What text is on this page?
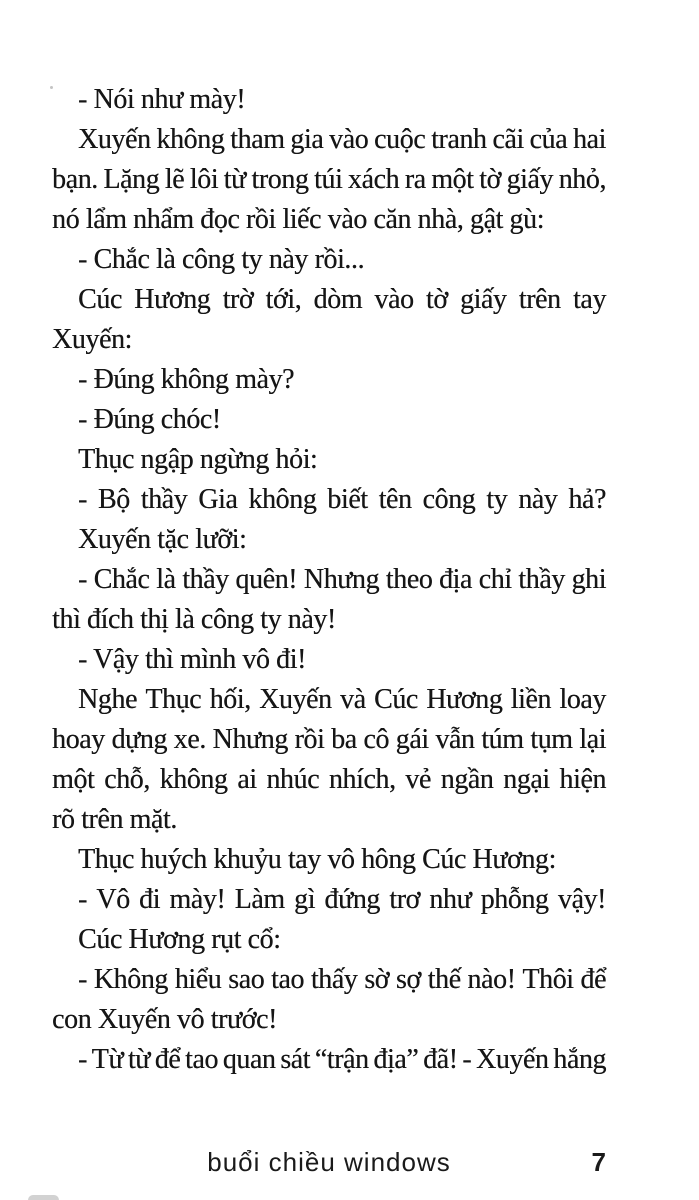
- Nói như mày!
Xuyến không tham gia vào cuộc tranh cãi của hai
bạn. Lặng lẽ lôi từ trong túi xách ra một tờ giấy nhỏ,
nó lẩm nhẩm đọc rồi liếc vào căn nhà, gật gù:
- Chắc là công ty này rồi...
Cúc Hương trờ tới, dòm vào tờ giấy trên tay
Xuyến:
- Đúng không mày?
- Đúng chóc!
Thục ngập ngừng hỏi:
- Bộ thầy Gia không biết tên công ty này hả?
Xuyến tặc lưỡi:
- Chắc là thầy quên! Nhưng theo địa chỉ thầy ghi
thì đích thị là công ty này!
- Vậy thì mình vô đi!
Nghe Thục hối, Xuyến và Cúc Hương liền loay
hoay dựng xe. Nhưng rồi ba cô gái vẫn túm tụm lại
một chỗ, không ai nhúc nhích, vẻ ngần ngại hiện
rõ trên mặt.
Thục huých khuỷu tay vô hông Cúc Hương:
- Vô đi mày! Làm gì đứng trơ như phỗng vậy!
Cúc Hương rụt cổ:
- Không hiểu sao tao thấy sờ sợ thế nào! Thôi để
con Xuyến vô trước!
- Từ từ để tao quan sát “trận địa” đã! - Xuyến hắng
buổi chiều windows	7
